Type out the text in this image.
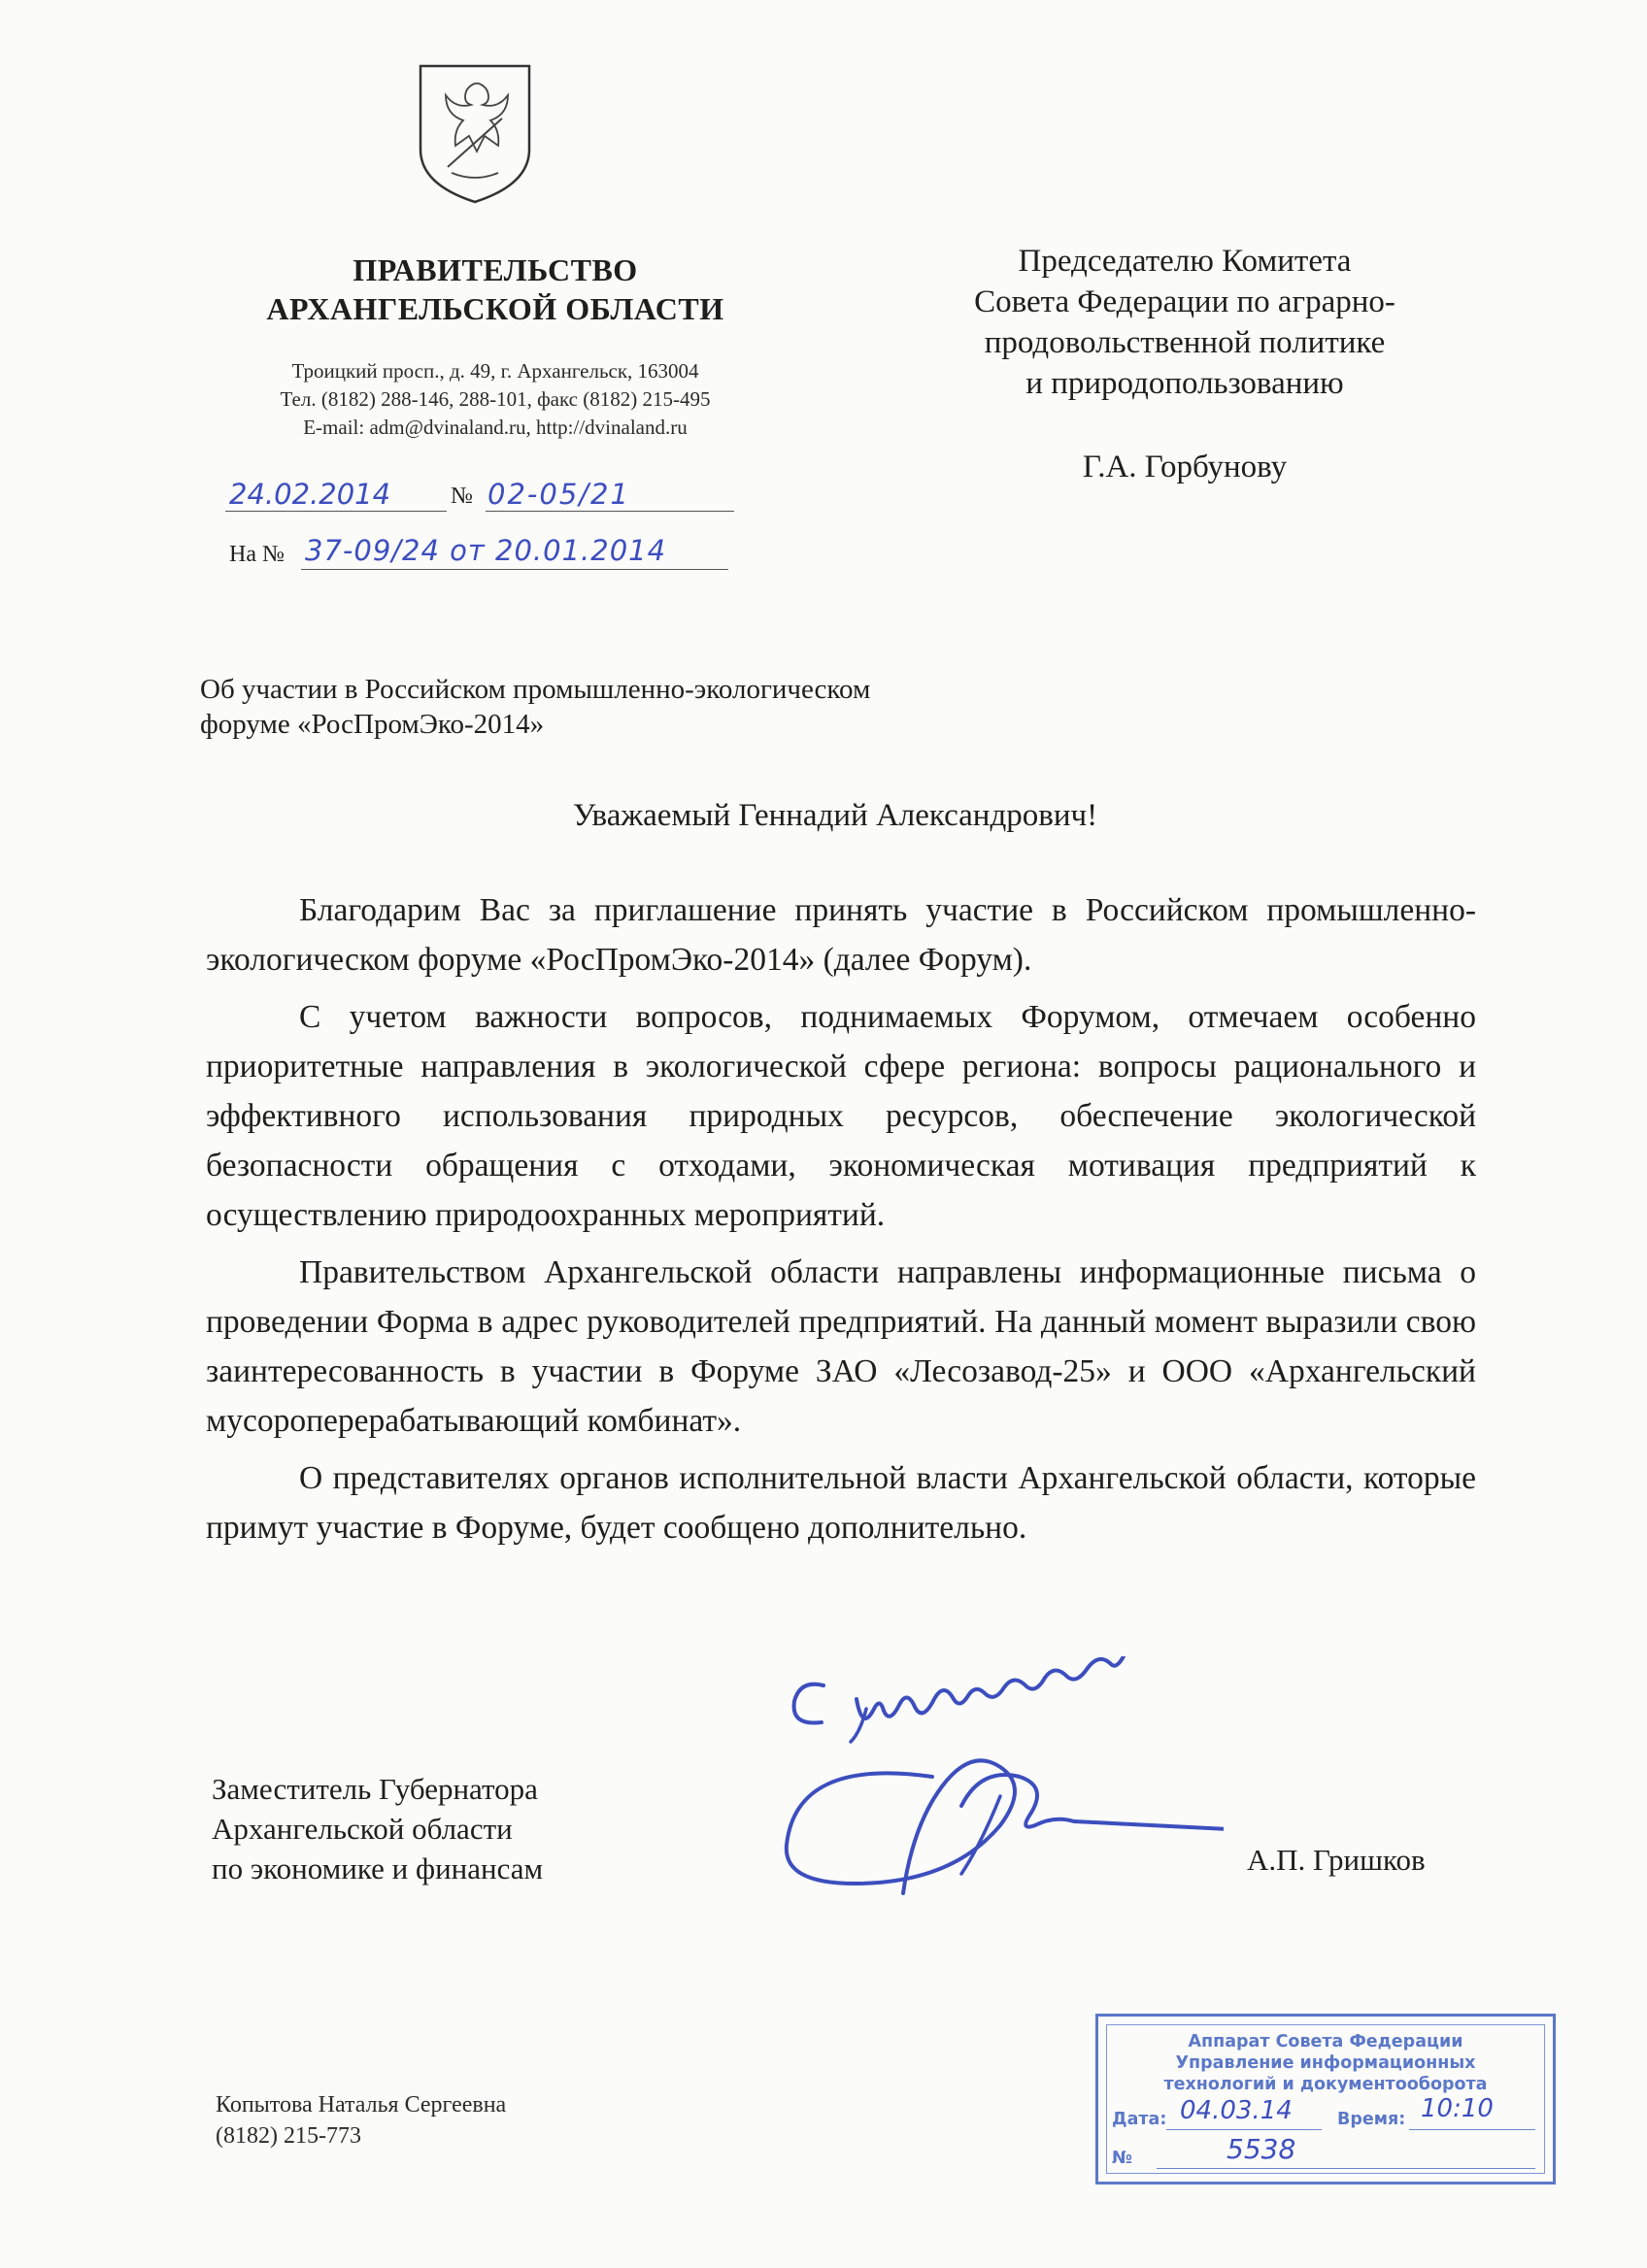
ПРАВИТЕЛЬСТВО
АРХАНГЕЛЬСКОЙ ОБЛАСТИ
Троицкий просп., д. 49, г. Архангельск, 163004
Тел. (8182) 288-146, 288-101, факс (8182) 215-495
E-mail: adm@dvinaland.ru, http://dvinaland.ru
Председателю Комитета
Совета Федерации по аграрно-
продовольственной политике
и природопользованию
Г.А. Горбунову
24.02.2014	№ 02-05/21
На № 37-09/24 от 20.01.2014
Об участии в Российском промышленно-экологическом
форуме «РосПромЭко-2014»
Уважаемый Геннадий Александрович!

Благодарим Вас за приглашение принять участие в Российском промышленно-экологическом форуме «РосПромЭко-2014» (далее Форум).

С учетом важности вопросов, поднимаемых Форумом, отмечаем особенно приоритетные направления в экологической сфере региона: вопросы рационального и эффективного использования природных ресурсов, обеспечение экологической безопасности обращения с отходами, экономическая мотивация предприятий к осуществлению природоохранных мероприятий.

Правительством Архангельской области направлены информационные письма о проведении Форма в адрес руководителей предприятий. На данный момент выразили свою заинтересованность в участии в Форуме ЗАО «Лесозавод-25» и ООО «Архангельский мусороперерабатывающий комбинат».

О представителях органов исполнительной власти Архангельской области, которые примут участие в Форуме, будет сообщено дополнительно.

Заместитель Губернатора
Архангельской области
по экономике и финансам	А.П. Гришков
Копытова Наталья Сергеевна
(8182) 215-773
Аппарат Совета Федерации
Управление информационных
технологий и документооборота
Дата: 04.03.14	Время: 10:10
№	5538
